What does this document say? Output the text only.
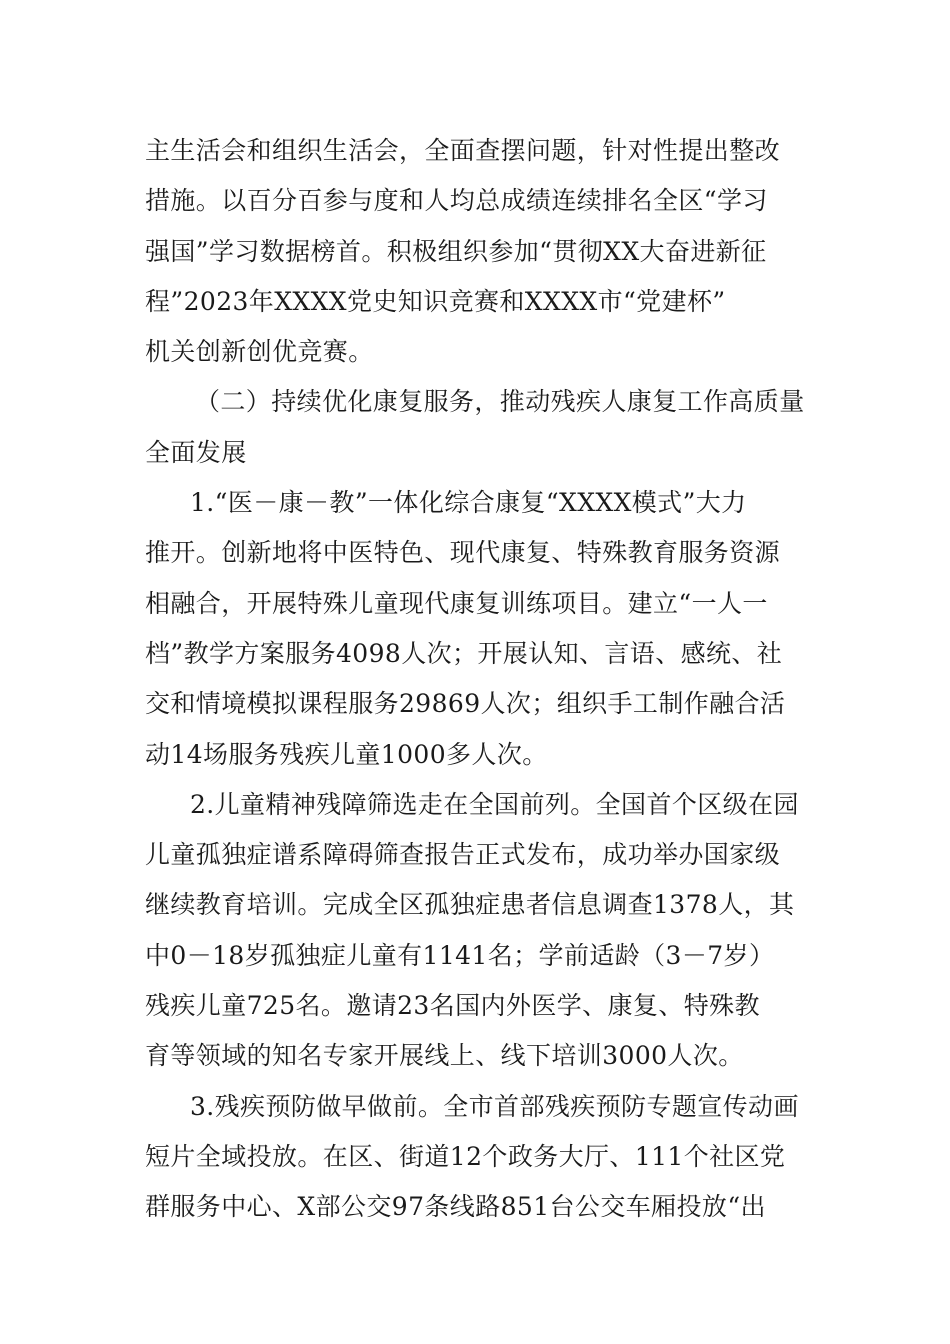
主生活会和组织生活会，全面查摆问题，针对性提出整改
措施。以百分百参与度和人均总成绩连续排名全区“学习
强国”学习数据榜首。积极组织参加“贯彻XX大奋进新征
程”2023年XXXX党史知识竞赛和XXXX市“党建杯”
机关创新创优竞赛。

（二）持续优化康复服务，推动残疾人康复工作高质量
全面发展

1.“医－康－教”一体化综合康复“XXXX模式”大力
推开。创新地将中医特色、现代康复、特殊教育服务资源
相融合，开展特殊儿童现代康复训练项目。建立“一人一
档”教学方案服务4098人次；开展认知、言语、感统、社
交和情境模拟课程服务29869人次；组织手工制作融合活
动14场服务残疾儿童1000多人次。

2.儿童精神残障筛选走在全国前列。全国首个区级在园
儿童孤独症谱系障碍筛查报告正式发布，成功举办国家级
继续教育培训。完成全区孤独症患者信息调查1378人，其
中0－18岁孤独症儿童有1141名；学前适龄（3－7岁）
残疾儿童725名。邀请23名国内外医学、康复、特殊教
育等领域的知名专家开展线上、线下培训3000人次。

3.残疾预防做早做前。全市首部残疾预防专题宣传动画
短片全域投放。在区、街道12个政务大厅、111个社区党
群服务中心、X部公交97条线路851台公交车厢投放“出
